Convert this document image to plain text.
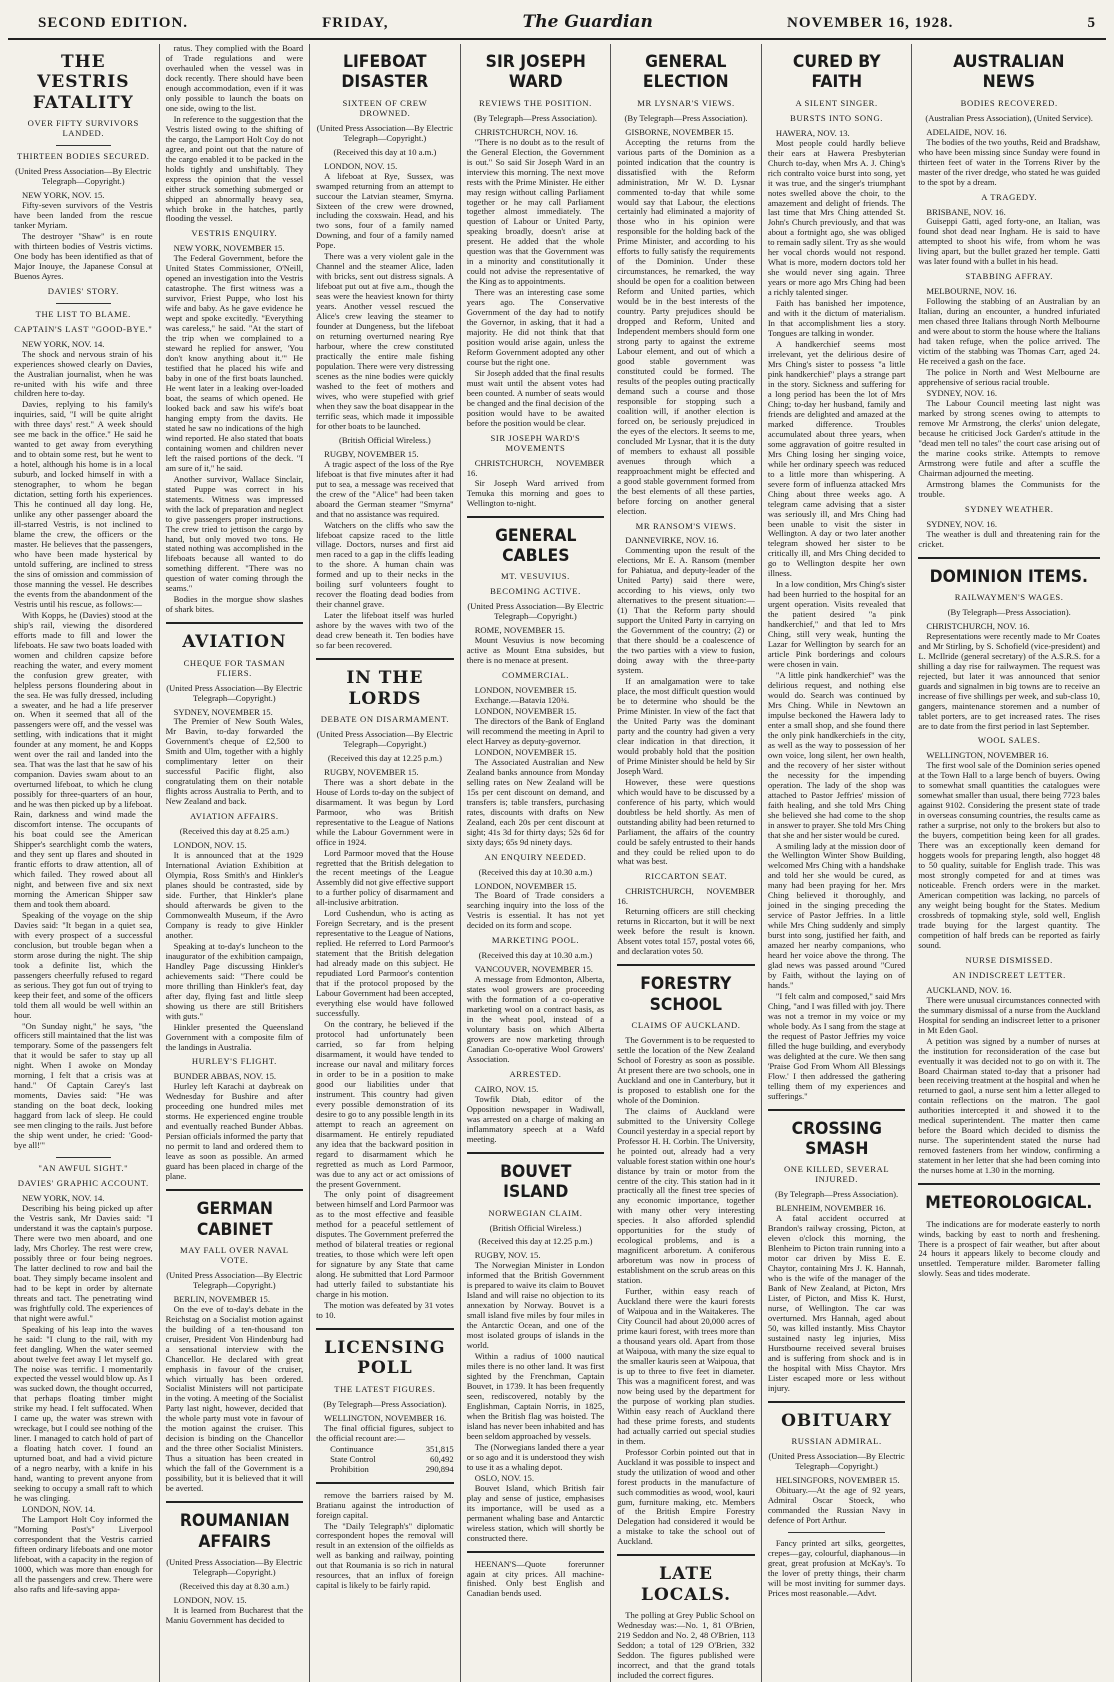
SECOND EDITION.	FRIDAY,	The Guardian	NOVEMBER 16, 1928.	5
THE VESTRIS FATALITY
OVER FIFTY SURVIVORS LANDED.
THIRTEEN BODIES SECURED.
(United Press Association—By Electric Telegraph—Copyright.)
NEW YORK, NOV. 15.

Fifty-seven survivors of the Vestris have been landed from the rescue tanker Myriam.

The destroyer "Shaw" is en route with thirteen bodies of Vestris victims. One body has been identified as that of Major Inouye, the Japanese Consul at Buenos Ayres.

DAVIES' STORY.
THE LIST TO BLAME.
CAPTAIN'S LAST "GOOD-BYE."
NEW YORK, NOV. 14.

The shock and nervous strain of his experiences showed clearly on Davies, the Australian journalist, when he was re-united with his wife and three children here to-day.

Davies, replying to his family's inquiries, said, "I will be quite alright with three days' rest." A week should see me back in the office." He said he wanted to get away from everything and to obtain some rest, but he went to a hotel, although his home is in a local suburb, and locked himself in with a stenographer, to whom he began dictation, setting forth his experiences. This he continued all day long. He, unlike any other passenger aboard the ill-starred Vestris, is not inclined to blame the crew, the officers or the master. He believes that the passengers, who have been made hysterical by untold suffering, are inclined to stress the sins of omission and commission of those manning the vessel. He describes the events from the abandonment of the Vestris until his rescue, as follows:—

With Kopps, he (Davies) stood at the ship's rail, viewing the disordered efforts made to fill and lower the lifeboats. He saw two boats loaded with women and children capsize before reaching the water, and every moment the confusion grew greater, with helpless persons floundering about in the sea. He was fully dressed, including a sweater, and he had a life preserver on. When it seemed that all of the passengers were off, and the vessel was settling, with indications that it might founder at any moment, he and Kopps went over the rail and landed into the sea. That was the last that he saw of his companion. Davies swam about to an overturned lifeboat, to which he clung possibly for three-quarters of an hour, and he was then picked up by a lifeboat. Rain, darkness and wind made the discomfort intense. The occupants of his boat could see the American Shipper's searchlight comb the waters, and they sent up flares and shouted in frantic efforts to draw attention, all of which failed. They rowed about all night, and between five and six next morning the American Shipper saw them and took them aboard.

Speaking of the voyage on the ship Davies said: "It began in a quiet sea, with every prospect of a successful conclusion, but trouble began when a storm arose during the night. The ship took a definite list, which the passengers cheerfully refused to regard as serious. They got fun out of trying to keep their feet, and some of the officers told them all would be well within an hour.

"On Sunday night," he says, "the officers still maintained that the list was temporary. Some of the passengers felt that it would be safer to stay up all night. When I awoke on Monday morning, I felt that a crisis was at hand." Of Captain Carey's last moments, Davies said: "He was standing on the boat deck, looking haggard from lack of sleep. He could see men clinging to the rails. Just before the ship went under, he cried: 'Good-bye all!'"

"AN AWFUL SIGHT."
DAVIES' GRAPHIC ACCOUNT.
NEW YORK, NOV. 14.

Describing his being picked up after the Vestris sank, Mr Davies said: "I understand it was the captain's purpose. There were two men aboard, and one lady, Mrs Chorley. The rest were crew, possibly three or four being negroes. The latter declined to row and bail the boat. They simply became insolent and had to be kept in order by alternate threats and tact. The penetrating wind was frightfully cold. The experiences of that night were awful."

Speaking of his leap into the waves he said: "I clung to the rail, with my feet dangling. When the water seemed about twelve feet away I let myself go. The noise was terrific. I momentarily expected the vessel would blow up. As I was sucked down, the thought occurred, that perhaps floating timber might strike my head. I felt suffocated. When I came up, the water was strewn with wreckage, but I could see nothing of the liner. I managed to catch hold of part of a floating hatch cover. I found an upturned boat, and had a vivid picture of a negro nearby, with a knife in his hand, wanting to prevent anyone from seeking to occupy a small raft to which he was clinging.

LONDON, NOV. 14.

The Lamport Holt Coy informed the "Morning Post's" Liverpool correspondent that the Vestris carried fifteen ordinary lifeboats and one motor lifeboat, with a capacity in the region of 1000, which was more than enough for all the passengers and crew. There were also rafts and life-saving appa-

ratus. They complied with the Board of Trade regulations and were overhauled when the vessel was in dock recently. There should have been enough accommodation, even if it was only possible to launch the boats on one side, owing to the list.

In reference to the suggestion that the Vestris listed owing to the shifting of the cargo, the Lamport Holt Coy do not agree, and point out that the nature of the cargo enabled it to be packed in the holds tightly and unshiftably. They express the opinion that the vessel either struck something submerged or shipped an abnormally heavy sea, which broke in the hatches, partly flooding the vessel.

VESTRIS ENQUIRY.
NEW YORK, NOVEMBER 15.

The Federal Government, before the United States Commissioner, O'Neill, opened an investigation into the Vestris catastrophe. The first witness was a survivor, Friest Puppe, who lost his wife and baby. As he gave evidence he wept and spoke excitedly. "Everything was careless," he said. "At the start of the trip when we complained to a steward he replied for answer, 'You don't know anything about it.'" He testified that he placed his wife and baby in one of the first boats launched. He went later in a leaking over-loaded boat, the seams of which opened. He looked back and saw his wife's boat hanging empty from the davits. He stated he saw no indications of the high wind reported. He also stated that boats containing women and children never left the raised portions of the deck. "I am sure of it," he said.

Another survivor, Wallace Sinclair, stated Puppe was correct in his statements. Witness was impressed with the lack of preparation and neglect to give passengers proper instructions. The crew tried to jettison the cargo by hand, but only moved two tons. He stated nothing was accomplished in the lifeboats because all wanted to do something different. "There was no question of water coming through the seams."

Bodies in the morgue show slashes of shark bites.

AVIATION
CHEQUE FOR TASMAN FLIERS.
(United Press Association—By Electric Telegraph—Copyright.)
SYDNEY, NOVEMBER 15.

The Premier of New South Wales, Mr Bavin, to-day forwarded the Government's cheque of £2,500 to Smith and Ulm, together with a highly complimentary letter on their successful Pacific flight, also congratulating them on their notable flights across Australia to Perth, and to New Zealand and back.

AVIATION AFFAIRS.
(Received this day at 8.25 a.m.)
LONDON, NOV. 15.

It is announced that at the 1929 International Aviation Exhibition at Olympia, Ross Smith's and Hinkler's planes should be contrasted, side by side. Further, that Hinkler's plane should afterwards be given to the Commonwealth Museum, if the Avro Company is ready to give Hinkler another.

Speaking at to-day's luncheon to the inaugurator of the exhibition campaign, Handley Page discussing Hinkler's achievements said: "There could be more thrilling than Hinkler's feat, day after day, flying fast and little sleep showing us there are still Britishers with guts."

Hinkler presented the Queensland Government with a composite film of the landings in Australia.

HURLEY'S FLIGHT.
BUNDER ABBAS, NOV. 15.

Hurley left Karachi at daybreak on Wednesday for Bushire and after proceeding one hundred miles met storms. He experienced engine trouble and eventually reached Bunder Abbas. Persian officials informed the party that no permit to land and ordered them to leave as soon as possible. An armed guard has been placed in charge of the plane.

GERMAN CABINET
MAY FALL OVER NAVAL VOTE.
(United Press Association—By Electric Telegraph—Copyright.)
BERLIN, NOVEMBER 15.

On the eve of to-day's debate in the Reichstag on a Socialist motion against the building of a ten-thousand ton cruiser, President Von Hindenburg had a sensational interview with the Chancellor. He declared with great emphasis in favour of the cruiser, which virtually has been ordered. Socialist Ministers will not participate in the voting. A meeting of the Socialist Party last night, however, decided that the whole party must vote in favour of the motion against the cruiser. This decision is binding on the Chancellor and the three other Socialist Ministers. Thus a situation has been created in which the fall of the Government is a possibility, but it is believed that it will be averted.

ROUMANIAN AFFAIRS
(United Press Association—By Electric Telegraph—Copyright.)
(Received this day at 8.30 a.m.)
LONDON, NOV. 15.

It is learned from Bucharest that the Maniu Government has decided to

LIFEBOAT DISASTER
SIXTEEN OF CREW DROWNED.
(United Press Association—By Electric Telegraph—Copyright.)
(Received this day at 10 a.m.)
LONDON, NOV. 15.

A lifeboat at Rye, Sussex, was swamped returning from an attempt to succour the Latvian steamer, Smyrna. Sixteen of the crew were drowned, including the coxswain. Head, and his two sons, four of a family named Downing, and four of a family named Pope.

There was a very violent gale in the Channel and the steamer Alice, laden with bricks, sent out distress signals. A lifeboat put out at five a.m., though the seas were the heaviest known for thirty years. Another vessel rescued the Alice's crew leaving the steamer to founder at Dungeness, but the lifeboat on returning overturned nearing Rye harbour, where the crew constituted practically the entire male fishing population. There were very distressing scenes as the nine bodies were quickly washed to the feet of mothers and wives, who were stupefied with grief when they saw the boat disappear in the terrific seas, which made it impossible for other boats to be launched.

(British Official Wireless.)
RUGBY, NOVEMBER 15.

A tragic aspect of the loss of the Rye lifeboat is that five minutes after it had put to sea, a message was received that the crew of the "Alice" had been taken aboard the German steamer "Smyrna" and that no assistance was required.

Watchers on the cliffs who saw the lifeboat capsize raced to the little village. Doctors, nurses and first aid men raced to a gap in the cliffs leading to the shore. A human chain was formed and up to their necks in the boiling surf volunteers fought to recover the floating dead bodies from their channel grave.

Later the lifeboat itself was hurled ashore by the waves with two of the dead crew beneath it. Ten bodies have so far been recovered.

IN THE LORDS
DEBATE ON DISARMAMENT.
(United Press Association—By Electric Telegraph—Copyright.)
(Received this day at 12.25 p.m.)
RUGBY, NOVEMBER 15.

There was a short debate in the House of Lords to-day on the subject of disarmament. It was begun by Lord Parmoor, who was British representative to the League of Nations while the Labour Government were in office in 1924.

Lord Parmoor moved that the House regretted that the British delegation to the recent meetings of the League Assembly did not give effective support to a further policy of disarmament and all-inclusive arbitration.

Lord Cushendun, who is acting as Foreign Secretary, and is the present representative to the League of Nations, replied. He referred to Lord Parmoor's statement that the British delegation had already made on this subject. He repudiated Lord Parmoor's contention that if the protocol proposed by the Labour Government had been accepted, everything else would have followed successfully.

On the contrary, he believed if the protocol had unfortunately been carried, so far from helping disarmament, it would have tended to increase our naval and military forces in order to be in a position to make good our liabilities under that instrument. This country had given every possible demonstration of its desire to go to any possible length in its attempt to reach an agreement on disarmament. He entirely repudiated any idea that the backward position in regard to disarmament which he regretted as much as Lord Parmoor, was due to any act or act omissions of the present Government.

The only point of disagreement between himself and Lord Parmoor was as to the most effective and feasible method for a peaceful settlement of disputes. The Government preferred the method of bilateral treaties or regional treaties, to those which were left open for signature by any State that came along. He submitted that Lord Parmoor had utterly failed to substantiate his charge in his motion.

The motion was defeated by 31 votes to 10.

LICENSING POLL
THE LATEST FIGURES.
(By Telegraph—Press Association).
WELLINGTON, NOVEMBER 16.

The final official figures, subject to the official recount are:—

Continuance	351,815
State Control	60,492
Prohibition	290,894

remove the barriers raised by M. Bratianu against the introduction of foreign capital.

The "Daily Telegraph's" diplomatic correspondent hopes the removal will result in an extension of the oilfields as well as banking and railway, pointing out that Roumania is so rich in natural resources, that an influx of foreign capital is likely to be fairly rapid.

SIR JOSEPH WARD
REVIEWS THE POSITION.
(By Telegraph—Press Association).
CHRISTCHURCH, NOV. 16.

"There is no doubt as to the result of the General Election, the Government is out." So said Sir Joseph Ward in an interview this morning. The next move rests with the Prime Minister. He either may resign without calling Parliament together or he may call Parliament together almost immediately. The question of Labour or United Party, speaking broadly, doesn't arise at present. He added that the whole question was that the Government was in a minority and constitutionally it could not advise the representative of the King as to appointments.

There was an interesting case some years ago. The Conservative Government of the day had to notify the Governor, in asking, that it had a majority. He did not think that that position would arise again, unless the Reform Government adopted any other course but the right one.

Sir Joseph added that the final results must wait until the absent votes had been counted. A number of seats would be changed and the final decision of the position would have to be awaited before the position would be clear.

SIR JOSEPH WARD'S MOVEMENTS
CHRISTCHURCH, NOVEMBER 16.

Sir Joseph Ward arrived from Temuka this morning and goes to Wellington to-night.

GENERAL CABLES
MT. VESUVIUS.
BECOMING ACTIVE.
(United Press Association—By Electric Telegraph—Copyright.)
ROME, NOVEMBER 15.

Mount Vesuvius is now becoming active as Mount Etna subsides, but there is no menace at present.

COMMERCIAL.
LONDON, NOVEMBER 15.

Exchange.—Batavia 120¾.

LONDON, NOVEMBER 15.

The directors of the Bank of England will recommend the meeting in April to elect Harvey as deputy-governor.

LONDON, NOVEMBER 15.

The Associated Australian and New Zealand banks announce from Monday selling rates on New Zealand will be 15s per cent discount on demand, and transfers is; table transfers, purchasing rates, discounts with drafts on New Zealand, each 20s per cent discount at sight; 41s 3d for thirty days; 52s 6d for sixty days; 65s 9d ninety days.

AN ENQUIRY NEEDED.
(Received this day at 10.30 a.m.)
LONDON, NOVEMBER 15.

The Board of Trade considers a searching inquiry into the loss of the Vestris is essential. It has not yet decided on its form and scope.

MARKETING POOL.
(Received this day at 10.30 a.m.)
VANCOUVER, NOVEMBER 15.

A message from Edmonton, Alberta, states wool growers are proceeding with the formation of a co-operative marketing wool on a contract basis, as in the wheat pool, instead of a voluntary basis on which Alberta growers are now marketing through Canadian Co-operative Wool Growers' Association.

ARRESTED.
CAIRO, NOV. 15.

Towfik Diab, editor of the Opposition newspaper in Wadiwall, was arrested on a charge of making an inflammatory speech at a Wafd meeting.

BOUVET ISLAND
NORWEGIAN CLAIM.
(British Official Wireless.)
(Received this day at 12.25 p.m.)
RUGBY, NOV. 15.

The Norwegian Minister in London informed that the British Government is prepared to waive its claim to Bouvet Island and will raise no objection to its annexation by Norway. Bouvet is a small island five miles by four miles in the Antarctic Ocean, and one of the most isolated groups of islands in the world.

Within a radius of 1000 nautical miles there is no other land. It was first sighted by the Frenchman, Captain Bouvet, in 1739. It has been frequently seen, rediscovered, notably by the Englishman, Captain Norris, in 1825, when the British flag was hoisted. The island has never been inhabited and has been seldom approached by vessels.

The (Norwegians landed there a year or so ago and it is understood they wish to use it as a whaling depot.

OSLO, NOV. 15.

Bouvet Island, which British fair play and sense of justice, emphasises its importance, will be used as a permanent whaling base and Antarctic wireless station, which will shortly be constructed there.

HEENAN'S—Quote forerunner again at city prices. All machine-finished. Only best English and Canadian bends used.

GENERAL ELECTION
MR LYSNAR'S VIEWS.
(By Telegraph—Press Association).
GISBORNE, NOVEMBER 15.

Accepting the returns from the various parts of the Dominion as a pointed indication that the country is dissatisfied with the Reform administration, Mr W. D. Lysnar commented to-day that while some would say that Labour, the elections certainly had eliminated a majority of those who in his opinion were responsible for the holding back of the Prime Minister, and according to his efforts to fully satisfy the requirements of the Dominion. Under these circumstances, he remarked, the way should be open for a coalition between Reform and United parties, which would be in the best interests of the country. Party prejudices should be dropped and Reform, United and Independent members should form one strong party to against the extreme Labour element, and out of which a good stable government was constituted could be formed. The results of the peoples outing practically demand such a course and those responsible for stopping such a coalition will, if another election is forced on, be seriously prejudiced in the eyes of the electors. It seems to me, concluded Mr Lysnar, that it is the duty of members to exhaust all possible avenues through which a reapproachment might be effected and a good stable government formed from the best elements of all these parties, before forcing on another general election.

MR RANSOM'S VIEWS.
DANNEVIRKE, NOV. 16.

Commenting upon the result of the elections, Mr E. A. Ransom (member for Pahiatua, and deputy-leader of the United Party) said there were, according to his views, only two alternatives to the present situation:—(1) That the Reform party should support the United Party in carrying on the Government of the country; (2) or that there should be a coalescence of the two parties with a view to fusion, doing away with the three-party system.

If an amalgamation were to take place, the most difficult question would be to determine who should be the Prime Minister. In view of the fact that the United Party was the dominant party and the country had given a very clear indication in that direction, it would probably hold that the position of Prime Minister should be held by Sir Joseph Ward.

However, these were questions which would have to be discussed by a conference of his party, which would doubtless be held shortly. As men of outstanding ability had been returned to Parliament, the affairs of the country could be safely entrusted to their hands and they could be relied upon to do what was best.

RICCARTON SEAT.
CHRISTCHURCH, NOVEMBER 16.

Returning officers are still checking returns in Riccarton, but it will be next week before the result is known. Absent votes total 157, postal votes 66, and declaration votes 50.

FORESTRY SCHOOL
CLAIMS OF AUCKLAND.

The Government is to be requested to settle the location of the New Zealand School of Forestry as soon as possible. At present there are two schools, one in Auckland and one in Canterbury, but it is proposed to establish one for the whole of the Dominion.

The claims of Auckland were submitted to the University College Council yesterday in a special report by Professor H. H. Corbin. The University, he pointed out, already had a very valuable forest station within one hour's distance by train or motor from the centre of the city. This station had in it practically all the finest tree species of any economic importance, together with many other very interesting species. It also afforded splendid opportunities for the study of ecological problems, and is a magnificent arboretum. A coniferous arboretum was now in process of establishment on the scrub areas on this station.

Further, within easy reach of Auckland there were the kauri forests of Waipoua and in the Waitakeres. The City Council had about 20,000 acres of prime kauri forest, with trees more than a thousand years old. Apart from those at Waipoua, with many the size equal to the smaller kauris seen at Waipoua, that is up to three to five feet in diameter. This was a magnificent forest, and was now being used by the department for the purpose of working plan studies. Within easy reach of Auckland there had these prime forests, and students had actually carried out special studies in them.

Professor Corbin pointed out that in Auckland it was possible to inspect and study the utilization of wood and other forest products in the manufacture of such commodities as wood, wool, kauri gum, furniture making, etc. Members of the British Empire Forestry Delegation had considered it would be a mistake to take the school out of Auckland.

LATE LOCALS.

The polling at Grey Public School on Wednesday was:—No. 1, 81 O'Brien, 219 Seddon and No. 2, 48 O'Brien, 113 Seddon; a total of 129 O'Brien, 332 Seddon. The figures published were incorrect, and that the grand totals included the correct figures.

CURED BY FAITH
A SILENT SINGER.
BURSTS INTO SONG.
HAWERA, NOV. 13.

Most people could hardly believe their ears at Hawera Presbyterian Church to-day, when Mrs A. J. Ching's rich contralto voice burst into song, yet it was true, and the singer's triumphant notes swelled above the choir, to the amazement and delight of friends. The last time that Mrs Ching attended St. John's Church previously, and that was about a fortnight ago, she was obliged to remain sadly silent. Try as she would her vocal chords would not respond. What is more, modern doctors told her she would never sing again. Three years or more ago Mrs Ching had been a richly talented singer.

Faith has banished her impotence, and with it the dictum of materialism. In that accomplishment lies a story. Tongues are talking in wonder.

A handkerchief seems most irrelevant, yet the delirious desire of Mrs Ching's sister to possess "a little pink handkerchief" plays a strange part in the story. Sickness and suffering for a long period has been the lot of Mrs Ching; to-day her husband, family and friends are delighted and amazed at the marked difference. Troubles accumulated about three years, when some aggravation of goitre resulted in Mrs Ching losing her singing voice, while her ordinary speech was reduced to a little more than whispering. A severe form of influenza attacked Mrs Ching about three weeks ago. A telegram came advising that a sister was seriously ill, and Mrs Ching had been unable to visit the sister in Wellington. A day or two later another telegram showed her sister to be critically ill, and Mrs Ching decided to go to Wellington despite her own illness.

In a low condition, Mrs Ching's sister had been hurried to the hospital for an urgent operation. Visits revealed that the patient desired "a pink handkerchief," and that led to Mrs Ching, still very weak, hunting the Lazar for Wellington by search for an article Pink borderings and colours were chosen in vain.

"A little pink handkerchief" was the delirious request, and nothing else would do. Search was continued by Mrs Ching. While in Newtown an impulse beckoned the Hawera lady to enter a small shop, and she found there the only pink handkerchiefs in the city, as well as the way to possession of her own voice, long silent, her own health, and the recovery of her sister without the necessity for the impending operation. The lady of the shop was attached to Pastor Jeffries' mission of faith healing, and she told Mrs Ching she believed she had come to the shop in answer to prayer. She told Mrs Ching that she and her sister would be cured.

A smiling lady at the mission door of the Wellington Winter Show Building, welcomed Mrs Ching with a handshake and told her she would be cured, as many had been praying for her. Mrs Ching believed it thoroughly, and joined in the singing preceding the service of Pastor Jeffries. In a little while Mrs Ching suddenly and simply burst into song, justified her faith, and amazed her nearby companions, who heard her voice above the throng. The glad news was passed around "Cured by Faith, without the laying on of hands."

"I felt calm and composed," said Mrs Ching, "and I was filled with joy. There was not a tremor in my voice or my whole body. As I sang from the stage at the request of Pastor Jeffries my voice filled the huge building, and everybody was delighted at the cure. We then sang 'Praise God From Whom All Blessings Flow.' I then addressed the gathering telling them of my experiences and sufferings."

CROSSING SMASH
ONE KILLED, SEVERAL INJURED.
(By Telegraph—Press Association).
BLENHEIM, NOVEMBER 16.

A fatal accident occurred at Brandon's railway crossing, Picton, at eleven o'clock this morning, the Blenheim to Picton train running into a motor car driven by Miss E. E. Chaytor, containing Mrs J. K. Hannah, who is the wife of the manager of the Bank of New Zealand, at Picton, Mrs Lister, of Picton, and Miss K. Hurst, nurse, of Wellington. The car was overturned. Mrs Hannah, aged about 50, was killed instantly. Miss Chaytor sustained nasty leg injuries, Miss Hurstbourne received several bruises and is suffering from shock and is in the hospital with Miss Chaytor. Mrs Lister escaped more or less without injury.

OBITUARY
RUSSIAN ADMIRAL.
(United Press Association—By Electric Telegraph—Copyright.)
HELSINGFORS, NOVEMBER 15.

Obituary.—At the age of 92 years, Admiral Oscar Stoeck, who commanded the Russian Navy in defence of Port Arthur.

Fancy printed art silks, georgettes, crepes—gay, colourful, diaphanous—in great, great profusion at McKay's. To the lover of pretty things, their charm will be most inviting for summer days. Prices most reasonable.—Advt.

AUSTRALIAN NEWS
BODIES RECOVERED.
(Australian Press Association), (United Service).
ADELAIDE, NOV. 16.

The bodies of the two youths, Reid and Bradshaw, who have been missing since Sunday were found in thirteen feet of water in the Torrens River by the master of the river dredge, who stated he was guided to the spot by a dream.

A TRAGEDY.
BRISBANE, NOV. 16.

Guiseppi Gatti, aged forty-one, an Italian, was found shot dead near Ingham. He is said to have attempted to shoot his wife, from whom he was living apart, but the bullet grazed her temple. Gatti was later found with a bullet in his head.

STABBING AFFRAY.
MELBOURNE, NOV. 16.

Following the stabbing of an Australian by an Italian, during an encounter, a hundred infuriated men chased three Italians through North Melbourne and were about to storm the house where the Italians had taken refuge, when the police arrived. The victim of the stabbing was Thomas Carr, aged 24. He received a gash on the face.

The police in North and West Melbourne are apprehensive of serious racial trouble.

SYDNEY, NOV. 16.

The Labour Council meeting last night was marked by strong scenes owing to attempts to remove Mr Armstrong, the clerks' union delegate, because he criticised Jock Garden's attitude in the "dead men tell no tales" the court case arising out of the marine cooks strike. Attempts to remove Armstrong were futile and after a scuffle the Chairman adjourned the meeting.

Armstrong blames the Communists for the trouble.

SYDNEY WEATHER.
SYDNEY, NOV. 16.

The weather is dull and threatening rain for the cricket.

DOMINION ITEMS.
RAILWAYMEN'S WAGES.
(By Telegraph—Press Association).
CHRISTCHURCH, NOV. 16.

Representations were recently made to Mr Coates and Mr Stirling, by S. Schofield (vice-president) and L. McIlride (general secretary) of the A.S.R.S. for a shilling a day rise for railwaymen. The request was rejected, but later it was announced that senior guards and signalmen in big towns are to receive an increase of five shillings per week, and sub-class 10, gangers, maintenance storemen and a number of tablet porters, are to get increased rates. The rises are to date from the first period in last September.

WOOL SALES.
WELLINGTON, NOVEMBER 16.

The first wool sale of the Dominion series opened at the Town Hall to a large bench of buyers. Owing to somewhat small quantities the catalogues were somewhat smaller than usual, there being 7723 bales against 9102. Considering the present state of trade in overseas consuming countries, the results came as rather a surprise, not only to the brokers but also to the buyers, competition being keen for all grades. There was an exceptionally keen demand for hoggets wools for preparing length, also hogget 48 to 50 quality, suitable for English trade. This was most strongly competed for and at times was noticeable. French orders were in the market. American competition was lacking, no parcels of any weight being bought for the States. Medium crossbreds of topmaking style, sold well, English trade buying for the largest quantity. The competition of half breds can be reported as fairly sound.

NURSE DISMISSED.
AN INDISCREET LETTER.
AUCKLAND, NOV. 16.

There were unusual circumstances connected with the summary dismissal of a nurse from the Auckland Hospital for sending an indiscreet letter to a prisoner in Mt Eden Gaol.

A petition was signed by a number of nurses at the institution for reconsideration of the case but eventually it was decided not to go on with it. The Board Chairman stated to-day that a prisoner had been receiving treatment at the hospital and when he returned to gaol, a nurse sent him a letter alleged to contain reflections on the matron. The gaol authorities intercepted it and showed it to the medical superintendent. The matter then came before the Board which decided to dismiss the nurse. The superintendent stated the nurse had removed fasteners from her window, confirming a statement in her letter that she had been coming into the nurses home at 1.30 in the morning.

METEOROLOGICAL.

The indications are for moderate easterly to north winds, backing by east to north and freshening. There is a prospect of fair weather, but after about 24 hours it appears likely to become cloudy and unsettled. Temperature milder. Barometer falling slowly. Seas and tides moderate.
